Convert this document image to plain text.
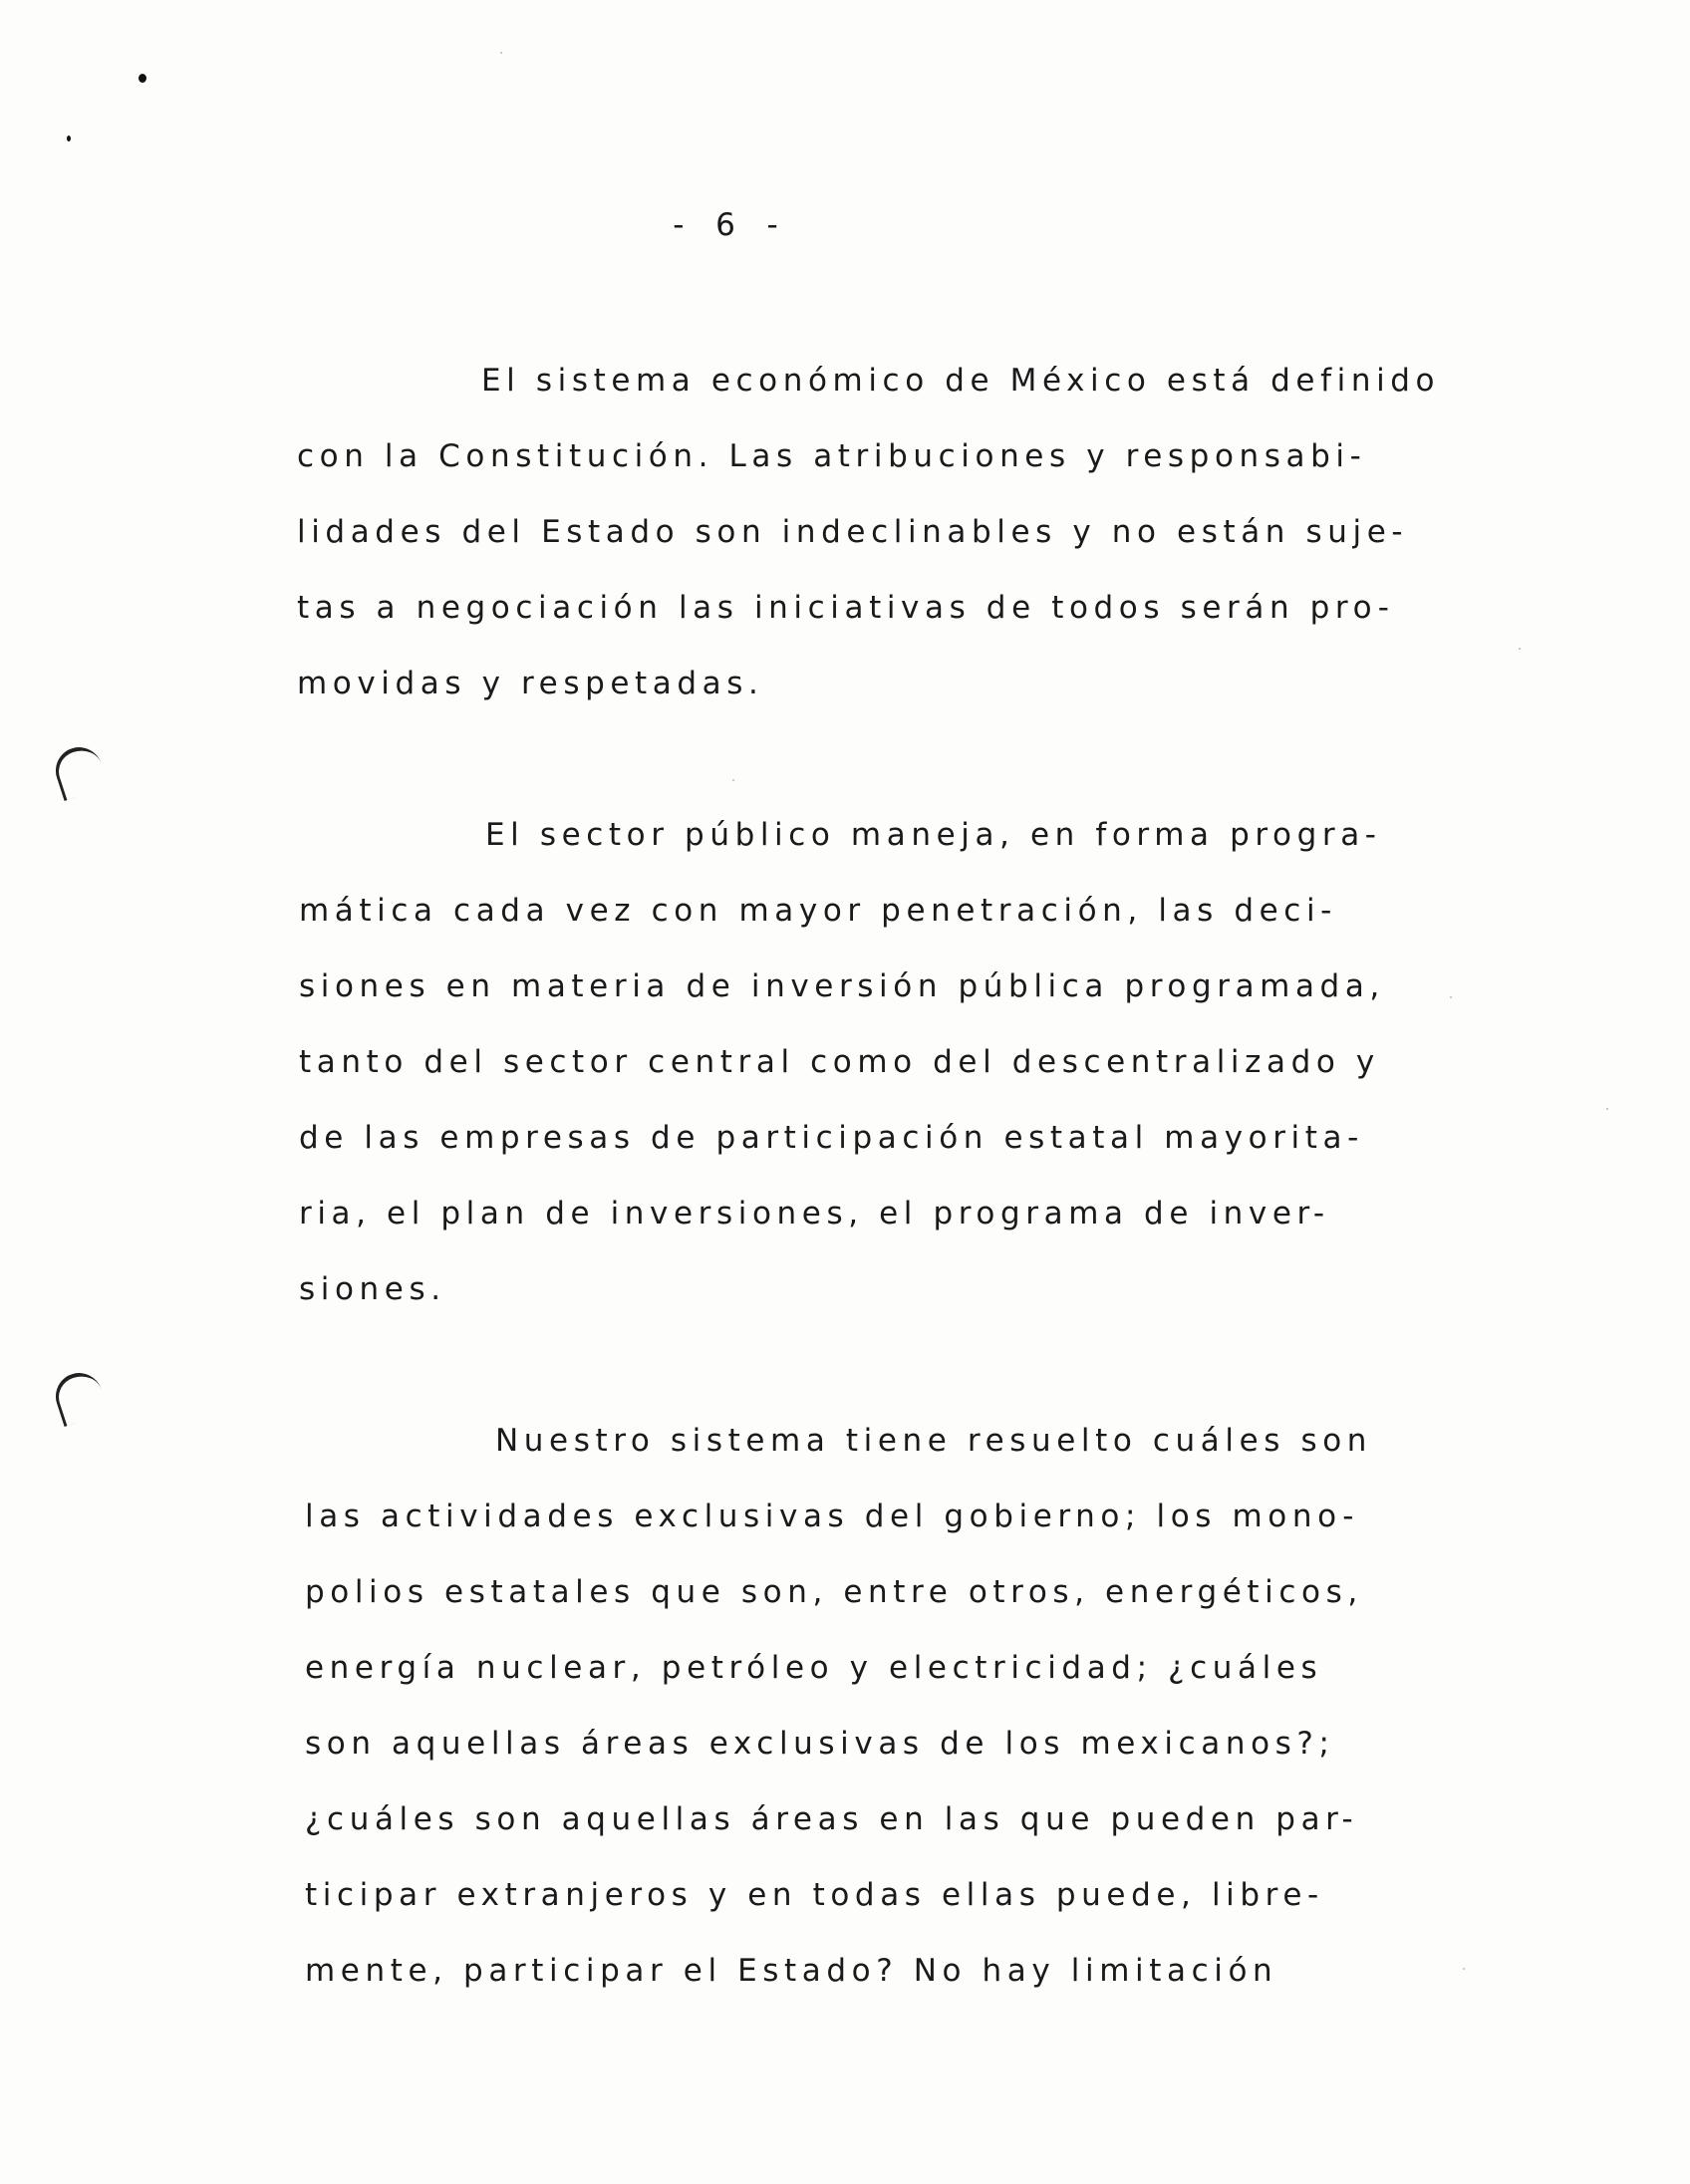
-  6  -
El sistema económico de México está definido
con la Constitución. Las atribuciones y responsabi-
lidades del Estado son indeclinables y no están suje-
tas a negociación las iniciativas de todos serán pro-
movidas y respetadas.
El sector público maneja, en forma progra-
mática cada vez con mayor penetración, las deci-
siones en materia de inversión pública programada,
tanto del sector central como del descentralizado y
de las empresas de participación estatal mayorita-
ria, el plan de inversiones, el programa de inver-
siones.
Nuestro sistema tiene resuelto cuáles son
las actividades exclusivas del gobierno; los mono-
polios estatales que son, entre otros, energéticos,
energía nuclear, petróleo y electricidad; ¿cuáles
son aquellas áreas exclusivas de los mexicanos?;
¿cuáles son aquellas áreas en las que pueden par-
ticipar extranjeros y en todas ellas puede, libre-
mente, participar el Estado? No hay limitación
